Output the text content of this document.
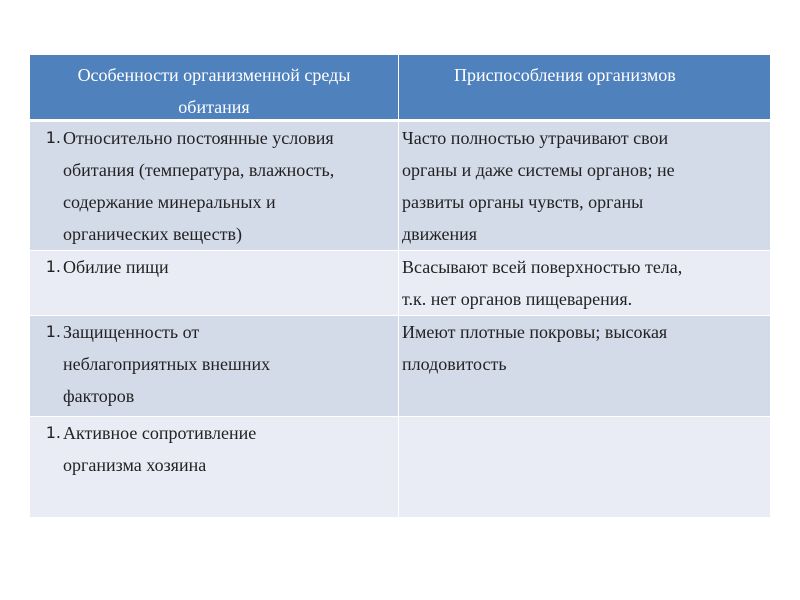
Особенности организменной среды
обитания	Приспособления организмов

1. Относительно постоянные условия
обитания (температура, влажность,
содержание минеральных и
органических веществ)	Часто полностью утрачивают свои
органы и даже системы органов; не
развиты органы чувств, органы
движения

1. Обилие пищи	Всасывают всей поверхностью тела,
т.к. нет органов пищеварения.

1. Защищенность от
неблагоприятных внешних
факторов	Имеют плотные покровы; высокая
плодовитость

1. Активное сопротивление
организма хозяина	
